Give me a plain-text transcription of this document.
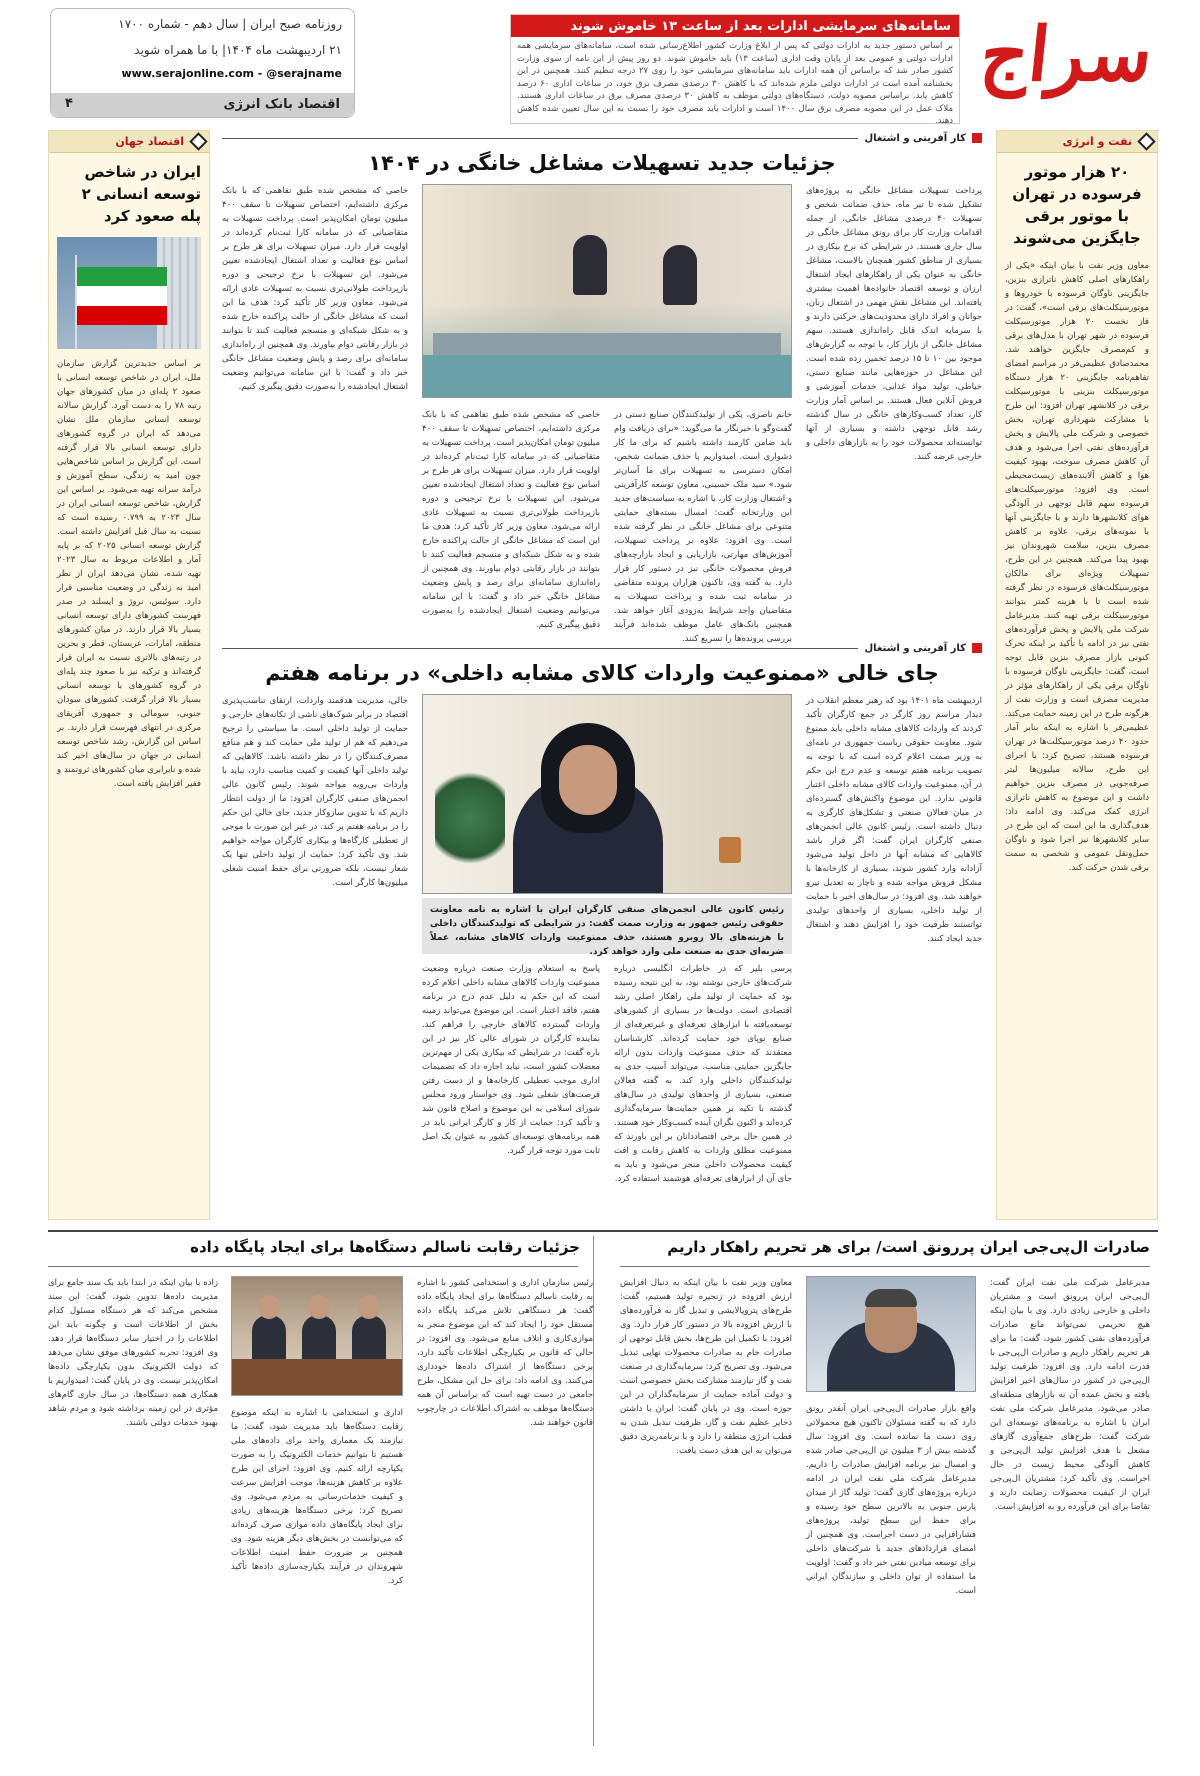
سراج
سامانه‌های سرمایشی ادارات بعد از ساعت ۱۳ خاموش شوند
بر اساس دستور جدید به ادارات دولتی که پس از ابلاغ وزارت کشور اطلاع‌رسانی شده است، سامانه‌های سرمایشی همه ادارات دولتی و عمومی بعد از پایان وقت اداری (ساعت ۱۳) باید خاموش شوند. دو روز پیش از این نامه از سوی وزارت کشور صادر شد که براساس آن همه ادارات باید سامانه‌های سرمایشی خود را روی ۲۷ درجه تنظیم کنند. همچنین در این بخشنامه آمده است در ادارات دولتی ملزم شده‌اند که با کاهش ۳۰ درصدی مصرف برق خود، در ساعات اداری ۶۰ درصد کاهش یابد. براساس مصوبه دولت، دستگاه‌های دولتی موظف به کاهش ۳۰ درصدی مصرف برق در ساعات اداری هستند. ملاک عمل در این مصوبه مصرف برق سال ۱۴۰۰ است و ادارات باید مصرف خود را نسبت به این سال تعیین شده کاهش دهند.
روزنامه صبح ایران | سال دهم - شماره ۱۷۰۰
۲۱ اردیبهشت ماه ۱۴۰۴| با ما همراه شوید
www.serajonline.com - @serajname
اقتصاد بانک انرژی
۴
نفت و انرژی
۲۰ هزار موتور فرسوده در تهران با موتور برقی جایگزین می‌شوند
معاون وزیر نفت با بیان اینکه «یکی از راهکارهای اصلی کاهش ناترازی بنزین، جایگزینی ناوگان فرسوده با خودروها و موتورسیکلت‌های برقی است»، گفت: در فاز نخست ۲۰ هزار موتورسیکلت فرسوده در شهر تهران با مدل‌های برقی و کم‌مصرف جایگزین خواهند شد. محمدصادق عظیمی‌فر در مراسم امضای تفاهم‌نامه جایگزینی ۲۰ هزار دستگاه موتورسیکلت بنزینی با موتورسیکلت برقی در کلانشهر تهران افزود: این طرح با مشارکت شهرداری تهران، بخش خصوصی و شرکت ملی پالایش و پخش فرآورده‌های نفتی اجرا می‌شود و هدف آن کاهش مصرف سوخت، بهبود کیفیت هوا و کاهش آلاینده‌های زیست‌محیطی است. وی افزود: موتورسیکلت‌های فرسوده سهم قابل توجهی در آلودگی هوای کلانشهرها دارند و با جایگزینی آنها با نمونه‌های برقی، علاوه بر کاهش مصرف بنزین، سلامت شهروندان نیز بهبود پیدا می‌کند. همچنین در این طرح، تسهیلات ویژه‌ای برای مالکان موتورسیکلت‌های فرسوده در نظر گرفته شده است تا با هزینه کمتر بتوانند موتورسیکلت برقی تهیه کنند. مدیرعامل شرکت ملی پالایش و پخش فرآورده‌های نفتی نیز در ادامه با تأکید بر اینکه تحرک کنونی بازار مصرف بنزین قابل توجه است، گفت: جایگزینی ناوگان فرسوده با ناوگان برقی یکی از راهکارهای مؤثر در مدیریت مصرف است و وزارت نفت از هرگونه طرح در این زمینه حمایت می‌کند. عظیمی‌فر با اشاره به اینکه بنابر آمار حدود ۴۰ درصد موتورسیکلت‌ها در تهران فرسوده هستند، تصریح کرد: با اجرای این طرح، سالانه میلیون‌ها لیتر صرفه‌جویی در مصرف بنزین خواهیم داشت و این موضوع به کاهش ناترازی انرژی کمک می‌کند. وی ادامه داد: هدف‌گذاری ما این است که این طرح در سایر کلانشهرها نیز اجرا شود و ناوگان حمل‌ونقل عمومی و شخصی به سمت برقی شدن حرکت کند.
اقتصاد جهان
ایران در شاخص توسعه انسانی ۲ پله صعود کرد
بر اساس جدیدترین گزارش سازمان ملل، ایران در شاخص توسعه انسانی با صعود ۲ پله‌ای در میان کشورهای جهان رتبه ۷۸ را به دست آورد. گزارش سالانه توسعه انسانی سازمان ملل نشان می‌دهد که ایران در گروه کشورهای دارای توسعه انسانی بالا قرار گرفته است. این گزارش بر اساس شاخص‌هایی چون امید به زندگی، سطح آموزش و درآمد سرانه تهیه می‌شود. بر اساس این گزارش، شاخص توسعه انسانی ایران در سال ۲۰۲۳ به ۰.۷۹۹ رسیده است که نسبت به سال قبل افزایش داشته است. گزارش توسعه انسانی ۲۰۲۵ که بر پایه آمار و اطلاعات مربوط به سال ۲۰۲۳ تهیه شده، نشان می‌دهد ایران از نظر امید به زندگی در وضعیت مناسبی قرار دارد. سوئیس، نروژ و ایسلند در صدر فهرست کشورهای دارای توسعه انسانی بسیار بالا قرار دارند. در میان کشورهای منطقه، امارات، عربستان، قطر و بحرین در رتبه‌های بالاتری نسبت به ایران قرار گرفته‌اند و ترکیه نیز با صعود چند پله‌ای در گروه کشورهای با توسعه انسانی بسیار بالا قرار گرفت. کشورهای سودان جنوبی، سومالی و جمهوری آفریقای مرکزی در انتهای فهرست قرار دارند. بر اساس این گزارش، رشد شاخص توسعه انسانی در جهان در سال‌های اخیر کند شده و نابرابری میان کشورهای ثروتمند و فقیر افزایش یافته است.
کار آفرینی و اشتغال
جزئیات جدید تسهیلات مشاغل خانگی در ۱۴۰۴
پرداخت تسهیلات مشاغل خانگی به پروژه‌های تشکیل شده تا تیر ماه، حذف ضمانت شخص و تسهیلات ۴۰ درصدی مشاغل خانگی، از جمله اقدامات وزارت کار برای رونق مشاغل خانگی در سال جاری هستند. در شرایطی که نرخ بیکاری در بسیاری از مناطق کشور همچنان بالاست، مشاغل خانگی به عنوان یکی از راهکارهای ایجاد اشتغال ارزان و توسعه اقتصاد خانواده‌ها اهمیت بیشتری یافته‌اند. این مشاغل نقش مهمی در اشتغال زنان، جوانان و افراد دارای محدودیت‌های حرکتی دارند و با سرمایه اندک قابل راه‌اندازی هستند. سهم مشاغل خانگی از بازار کار، با توجه به گزارش‌های موجود بین ۱۰ تا ۱۵ درصد تخمین زده شده است. این مشاغل در حوزه‌هایی مانند صنایع دستی، خیاطی، تولید مواد غذایی، خدمات آموزشی و فروش آنلاین فعال هستند. بر اساس آمار وزارت کار، تعداد کسب‌وکارهای خانگی در سال گذشته رشد قابل توجهی داشته و بسیاری از آنها توانسته‌اند محصولات خود را به بازارهای داخلی و خارجی عرضه کنند.
خانم ناصری، یکی از تولیدکنندگان صنایع دستی در گفت‌وگو با خبرنگار ما می‌گوید: «برای دریافت وام باید ضامن کارمند داشته باشیم که برای ما کار دشواری است. امیدواریم با حذف ضمانت شخص، امکان دسترسی به تسهیلات برای ما آسان‌تر شود.» سید ملک حسینی، معاون توسعه کارآفرینی و اشتغال وزارت کار، با اشاره به سیاست‌های جدید این وزارتخانه گفت: امسال بسته‌های حمایتی متنوعی برای مشاغل خانگی در نظر گرفته شده است. وی افزود: علاوه بر پرداخت تسهیلات، آموزش‌های مهارتی، بازاریابی و ایجاد بازارچه‌های فروش محصولات خانگی نیز در دستور کار قرار دارد. به گفته وی، تاکنون هزاران پرونده متقاضی در سامانه ثبت شده و پرداخت تسهیلات به متقاضیان واجد شرایط به‌زودی آغاز خواهد شد. همچنین بانک‌های عامل موظف شده‌اند فرآیند بررسی پرونده‌ها را تسریع کنند.
خاصی که مشخص شده طبق تفاهمی که با بانک مرکزی داشته‌ایم، اختصاص تسهیلات تا سقف ۴۰۰ میلیون تومان امکان‌پذیر است. پرداخت تسهیلات به متقاضیانی که در سامانه کارا ثبت‌نام کرده‌اند در اولویت قرار دارد. میزان تسهیلات برای هر طرح بر اساس نوع فعالیت و تعداد اشتغال ایجادشده تعیین می‌شود. این تسهیلات با نرخ ترجیحی و دوره بازپرداخت طولانی‌تری نسبت به تسهیلات عادی ارائه می‌شود. معاون وزیر کار تأکید کرد: هدف ما این است که مشاغل خانگی از حالت پراکنده خارج شده و به شکل شبکه‌ای و منسجم فعالیت کنند تا بتوانند در بازار رقابتی دوام بیاورند. وی همچنین از راه‌اندازی سامانه‌ای برای رصد و پایش وضعیت مشاغل خانگی خبر داد و گفت: با این سامانه می‌توانیم وضعیت اشتغال ایجادشده را به‌صورت دقیق پیگیری کنیم.
خاصی که مشخص شده طبق تفاهمی که با بانک مرکزی داشته‌ایم، اختصاص تسهیلات تا سقف ۴۰۰ میلیون تومان امکان‌پذیر است. پرداخت تسهیلات به متقاضیانی که در سامانه کارا ثبت‌نام کرده‌اند در اولویت قرار دارد. میزان تسهیلات برای هر طرح بر اساس نوع فعالیت و تعداد اشتغال ایجادشده تعیین می‌شود. این تسهیلات با نرخ ترجیحی و دوره بازپرداخت طولانی‌تری نسبت به تسهیلات عادی ارائه می‌شود. معاون وزیر کار تأکید کرد: هدف ما این است که مشاغل خانگی از حالت پراکنده خارج شده و به شکل شبکه‌ای و منسجم فعالیت کنند تا بتوانند در بازار رقابتی دوام بیاورند. وی همچنین از راه‌اندازی سامانه‌ای برای رصد و پایش وضعیت مشاغل خانگی خبر داد و گفت: با این سامانه می‌توانیم وضعیت اشتغال ایجادشده را به‌صورت دقیق پیگیری کنیم.
کار آفرینی و اشتغال
جای خالی «ممنوعیت واردات کالای مشابه داخلی» در برنامه هفتم
اردیبهشت ماه ۱۴۰۱ بود که رهبر معظم انقلاب در دیدار مراسم روز کارگر در جمع کارگران تأکید کردند که واردات کالاهای مشابه داخلی باید ممنوع شود. معاونت حقوقی ریاست جمهوری در نامه‌ای به وزیر صمت اعلام کرده است که با توجه به تصویب برنامه هفتم توسعه و عدم درج این حکم در آن، ممنوعیت واردات کالای مشابه داخلی اعتبار قانونی ندارد. این موضوع واکنش‌های گسترده‌ای در میان فعالان صنعتی و تشکل‌های کارگری به دنبال داشته است. رئیس کانون عالی انجمن‌های صنفی کارگران ایران گفت: اگر قرار باشد کالاهایی که مشابه آنها در داخل تولید می‌شود آزادانه وارد کشور شوند، بسیاری از کارخانه‌ها با مشکل فروش مواجه شده و ناچار به تعدیل نیرو خواهند شد. وی افزود: در سال‌های اخیر با حمایت از تولید داخلی، بسیاری از واحدهای تولیدی توانستند ظرفیت خود را افزایش دهند و اشتغال جدید ایجاد کنند.
رئیس کانون عالی انجمن‌های صنفی کارگران ایران با اشاره به نامه معاونت حقوقی رئیس جمهور به وزارت صمت گفت: در شرایطی که تولیدکنندگان داخلی با هزینه‌های بالا روبرو هستند، حذف ممنوعیت واردات کالاهای مشابه، عملاً ضربه‌ای جدی به صنعت ملی وارد خواهد کرد.
پرسی بلیر که در خاطرات انگلیسی درباره شرکت‌های خارجی نوشته بود، به این نتیجه رسیده بود که حمایت از تولید ملی راهکار اصلی رشد اقتصادی است. دولت‌ها در بسیاری از کشورهای توسعه‌یافته با ابزارهای تعرفه‌ای و غیرتعرفه‌ای از صنایع نوپای خود حمایت کرده‌اند. کارشناسان معتقدند که حذف ممنوعیت واردات بدون ارائه جایگزین حمایتی مناسب، می‌تواند آسیب جدی به تولیدکنندگان داخلی وارد کند. به گفته فعالان صنعتی، بسیاری از واحدهای تولیدی در سال‌های گذشته با تکیه بر همین حمایت‌ها سرمایه‌گذاری کرده‌اند و اکنون نگران آینده کسب‌وکار خود هستند. در همین حال برخی اقتصاددانان بر این باورند که ممنوعیت مطلق واردات به کاهش رقابت و افت کیفیت محصولات داخلی منجر می‌شود و باید به جای آن از ابزارهای تعرفه‌ای هوشمند استفاده کرد.
پاسخ به استعلام وزارت صنعت درباره وضعیت ممنوعیت واردات کالاهای مشابه داخلی اعلام کرده است که این حکم به دلیل عدم درج در برنامه هفتم، فاقد اعتبار است. این موضوع می‌تواند زمینه واردات گسترده کالاهای خارجی را فراهم کند. نماینده کارگران در شورای عالی کار نیز در این باره گفت: در شرایطی که بیکاری یکی از مهم‌ترین معضلات کشور است، نباید اجازه داد که تصمیمات اداری موجب تعطیلی کارخانه‌ها و از دست رفتن فرصت‌های شغلی شود. وی خواستار ورود مجلس شورای اسلامی به این موضوع و اصلاح قانون شد و تأکید کرد: حمایت از کار و کارگر ایرانی باید در همه برنامه‌های توسعه‌ای کشور به عنوان یک اصل ثابت مورد توجه قرار گیرد.
خالی، مدیریت هدفمند واردات، ارتقای تناسب‌پذیری اقتصاد در برابر شوک‌های ناشی از تکانه‌های خارجی و حمایت از تولید داخلی است. ما سیاستی را ترجیح می‌دهیم که هم از تولید ملی حمایت کند و هم منافع مصرف‌کنندگان را در نظر داشته باشد. کالاهایی که تولید داخلی آنها کیفیت و کمیت مناسب دارد، نباید با واردات بی‌رویه مواجه شوند. رئیس کانون عالی انجمن‌های صنفی کارگران افزود: ما از دولت انتظار داریم که با تدوین سازوکار جدید، جای خالی این حکم را در برنامه هفتم پر کند. در غیر این صورت با موجی از تعطیلی کارگاه‌ها و بیکاری کارگران مواجه خواهیم شد. وی تأکید کرد: حمایت از تولید داخلی تنها یک شعار نیست، بلکه ضرورتی برای حفظ امنیت شغلی میلیون‌ها کارگر است.
صادرات ال‌پی‌جی ایران پررونق است/ برای هر تحریم راهکار داریم
مدیرعامل شرکت ملی نفت ایران گفت: ال‌پی‌جی ایران پررونق است و مشتریان داخلی و خارجی زیادی دارد. وی با بیان اینکه هیچ تحریمی نمی‌تواند مانع صادرات فرآورده‌های نفتی کشور شود، گفت: ما برای هر تحریم راهکار داریم و صادرات ال‌پی‌جی با قدرت ادامه دارد. وی افزود: ظرفیت تولید ال‌پی‌جی در کشور در سال‌های اخیر افزایش یافته و بخش عمده آن به بازارهای منطقه‌ای صادر می‌شود. مدیرعامل شرکت ملی نفت ایران با اشاره به برنامه‌های توسعه‌ای این شرکت گفت: طرح‌های جمع‌آوری گازهای مشعل با هدف افزایش تولید ال‌پی‌جی و کاهش آلودگی محیط زیست در حال اجراست. وی تأکید کرد: مشتریان ال‌پی‌جی ایران از کیفیت محصولات رضایت دارند و تقاضا برای این فرآورده رو به افزایش است.
واقع بازار صادرات ال‌پی‌جی ایران آنقدر رونق دارد که به گفته مسئولان تاکنون هیچ محمولاتی روی دست ما نمانده است. وی افزود: سال گذشته بیش از ۳ میلیون تن ال‌پی‌جی صادر شده و امسال نیز برنامه افزایش صادرات را داریم. مدیرعامل شرکت ملی نفت ایران در ادامه درباره پروژه‌های گازی گفت: تولید گاز از میدان پارس جنوبی به بالاترین سطح خود رسیده و برای حفظ این سطح تولید، پروژه‌های فشارافزایی در دست اجراست. وی همچنین از امضای قراردادهای جدید با شرکت‌های داخلی برای توسعه میادین نفتی خبر داد و گفت: اولویت ما استفاده از توان داخلی و سازندگان ایرانی است.
معاون وزیر نفت با بیان اینکه به دنبال افزایش ارزش افزوده در زنجیره تولید هستیم، گفت: طرح‌های پتروپالایشی و تبدیل گاز به فرآورده‌های با ارزش افزوده بالا در دستور کار قرار دارد. وی افزود: با تکمیل این طرح‌ها، بخش قابل توجهی از صادرات خام به صادرات محصولات نهایی تبدیل می‌شود. وی تصریح کرد: سرمایه‌گذاری در صنعت نفت و گاز نیازمند مشارکت بخش خصوصی است و دولت آماده حمایت از سرمایه‌گذاران در این حوزه است. وی در پایان گفت: ایران با داشتن ذخایر عظیم نفت و گاز، ظرفیت تبدیل شدن به قطب انرژی منطقه را دارد و با برنامه‌ریزی دقیق می‌توان به این هدف دست یافت.
جزئیات رقابت ناسالم دستگاه‌ها برای ایجاد پایگاه داده
رئیس سازمان اداری و استخدامی کشور با اشاره به رقابت ناسالم دستگاه‌ها برای ایجاد پایگاه داده گفت: هر دستگاهی تلاش می‌کند پایگاه داده مستقل خود را ایجاد کند که این موضوع منجر به موازی‌کاری و اتلاف منابع می‌شود. وی افزود: در حالی که قانون بر یکپارچگی اطلاعات تأکید دارد، برخی دستگاه‌ها از اشتراک داده‌ها خودداری می‌کنند. وی ادامه داد: برای حل این مشکل، طرح جامعی در دست تهیه است که براساس آن همه دستگاه‌ها موظف به اشتراک اطلاعات در چارچوب قانون خواهند شد.
اداری و استخدامی با اشاره به اینکه موضوع رقابت دستگاه‌ها باید مدیریت شود، گفت: ما نیازمند یک معماری واحد برای داده‌های ملی هستیم تا بتوانیم خدمات الکترونیک را به صورت یکپارچه ارائه کنیم. وی افزود: اجرای این طرح علاوه بر کاهش هزینه‌ها، موجب افزایش سرعت و کیفیت خدمات‌رسانی به مردم می‌شود. وی تصریح کرد: برخی دستگاه‌ها هزینه‌های زیادی برای ایجاد پایگاه‌های داده موازی صرف کرده‌اند که می‌توانست در بخش‌های دیگر هزینه شود. وی همچنین بر ضرورت حفظ امنیت اطلاعات شهروندان در فرآیند یکپارچه‌سازی داده‌ها تأکید کرد.
زاده با بیان اینکه در ابتدا باید یک سند جامع برای مدیریت داده‌ها تدوین شود، گفت: این سند مشخص می‌کند که هر دستگاه مسئول کدام بخش از اطلاعات است و چگونه باید این اطلاعات را در اختیار سایر دستگاه‌ها قرار دهد. وی افزود: تجربه کشورهای موفق نشان می‌دهد که دولت الکترونیک بدون یکپارچگی داده‌ها امکان‌پذیر نیست. وی در پایان گفت: امیدواریم با همکاری همه دستگاه‌ها، در سال جاری گام‌های مؤثری در این زمینه برداشته شود و مردم شاهد بهبود خدمات دولتی باشند.
